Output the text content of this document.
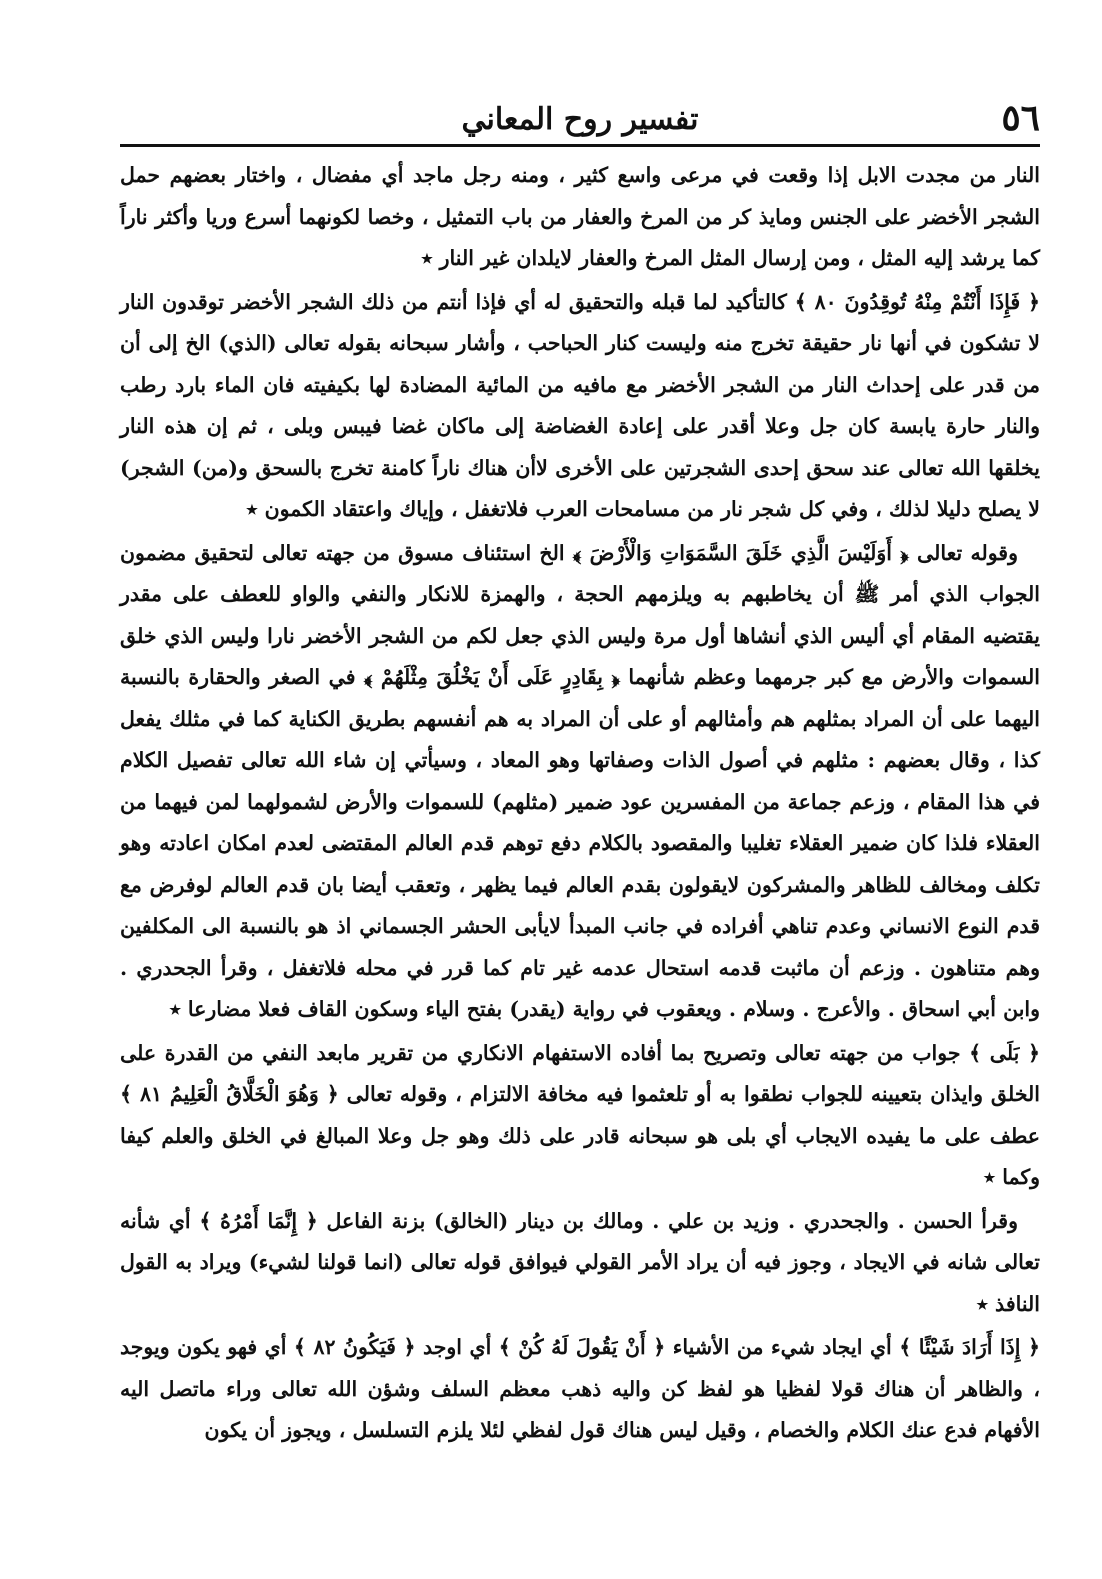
٥٦
تفسير روح المعاني

النار من مجدت الابل إذا وقعت في مرعى واسع كثير ، ومنه رجل ماجد أي مفضال ، واختار بعضهم حمل الشجر الأخضر على الجنس ومايذ كر من المرخ والعفار من باب التمثيل ، وخصا لكونهما أسرع وريا وأكثر ناراً كما يرشد إليه المثل ، ومن إرسال المثل المرخ والعفار لايلدان غير النار ٭

﴿ فَإِذَا أَنْتُمْ مِنْهُ تُوقِدُونَ ٨٠ ﴾ كالتأكيد لما قبله والتحقيق له أي فإذا أنتم من ذلك الشجر الأخضر توقدون النار لا تشكون في أنها نار حقيقة تخرج منه وليست كنار الحباحب ، وأشار سبحانه بقوله تعالى (الذي) الخ إلى أن من قدر على إحداث النار من الشجر الأخضر مع مافيه من المائية المضادة لها بكيفيته فان الماء بارد رطب والنار حارة يابسة كان جل وعلا أقدر على إعادة الغضاضة إلى ماكان غضا فيبس وبلى ، ثم إن هذه النار يخلقها الله تعالى عند سحق إحدى الشجرتين على الأخرى لاأن هناك ناراً كامنة تخرج بالسحق و(من) الشجر) لا يصلح دليلا لذلك ، وفي كل شجر نار من مسامحات العرب فلاتغفل ، وإياك واعتقاد الكمون ٭

وقوله تعالى ﴿ أَوَلَيْسَ الَّذِي خَلَقَ السَّمَوَاتِ وَالْأَرْضَ ﴾ الخ استئناف مسوق من جهته تعالى لتحقيق مضمون الجواب الذي أمر ﷺ أن يخاطبهم به ويلزمهم الحجة ، والهمزة للانكار والنفي والواو للعطف على مقدر يقتضيه المقام أي أليس الذي أنشاها أول مرة وليس الذي جعل لكم من الشجر الأخضر نارا وليس الذي خلق السموات والأرض مع كبر جرمهما وعظم شأنهما ﴿ بِقَادِرٍ عَلَى أَنْ يَخْلُقَ مِثْلَهُمْ ﴾ في الصغر والحقارة بالنسبة اليهما على أن المراد بمثلهم هم وأمثالهم أو على أن المراد به هم أنفسهم بطريق الكناية كما في مثلك يفعل كذا ، وقال بعضهم : مثلهم في أصول الذات وصفاتها وهو المعاد ، وسيأتي إن شاء الله تعالى تفصيل الكلام في هذا المقام ، وزعم جماعة من المفسرين عود ضمير (مثلهم) للسموات والأرض لشمولهما لمن فيهما من العقلاء فلذا كان ضمير العقلاء تغليبا والمقصود بالكلام دفع توهم قدم العالم المقتضى لعدم امكان اعادته وهو تكلف ومخالف للظاهر والمشركون لايقولون بقدم العالم فيما يظهر ، وتعقب أيضا بان قدم العالم لوفرض مع قدم النوع الانساني وعدم تناهي أفراده في جانب المبدأ لايأبى الحشر الجسماني اذ هو بالنسبة الى المكلفين وهم متناهون . وزعم أن ماثبت قدمه استحال عدمه غير تام كما قرر في محله فلاتغفل ، وقرأ الجحدري . وابن أبي اسحاق . والأعرج . وسلام . ويعقوب في رواية (يقدر) بفتح الياء وسكون القاف فعلا مضارعا ٭

﴿ بَلَى ﴾ جواب من جهته تعالى وتصريح بما أفاده الاستفهام الانكاري من تقرير مابعد النفي من القدرة على الخلق وايذان بتعيينه للجواب نطقوا به أو تلعثموا فيه مخافة الالتزام ، وقوله تعالى ﴿ وَهُوَ الْخَلَّاقُ الْعَلِيمُ ٨١ ﴾ عطف على ما يفيده الايجاب أي بلى هو سبحانه قادر على ذلك وهو جل وعلا المبالغ في الخلق والعلم كيفا وكما ٭

وقرأ الحسن . والجحدري . وزيد بن علي . ومالك بن دينار (الخالق) بزنة الفاعل ﴿ إِنَّمَا أَمْرُهُ ﴾ أي شأنه تعالى شانه في الايجاد ، وجوز فيه أن يراد الأمر القولي فيوافق قوله تعالى (انما قولنا لشيء) ويراد به القول النافذ ٭

﴿ إِذَا أَرَادَ شَيْئًا ﴾ أي ايجاد شيء من الأشياء ﴿ أَنْ يَقُولَ لَهُ كُنْ ﴾ أي اوجد ﴿ فَيَكُونُ ٨٢ ﴾ أي فهو يكون ويوجد ، والظاهر أن هناك قولا لفظيا هو لفظ كن واليه ذهب معظم السلف وشؤن الله تعالى وراء ماتصل اليه الأفهام فدع عنك الكلام والخصام ، وقيل ليس هناك قول لفظي لئلا يلزم التسلسل ، ويجوز أن يكون
